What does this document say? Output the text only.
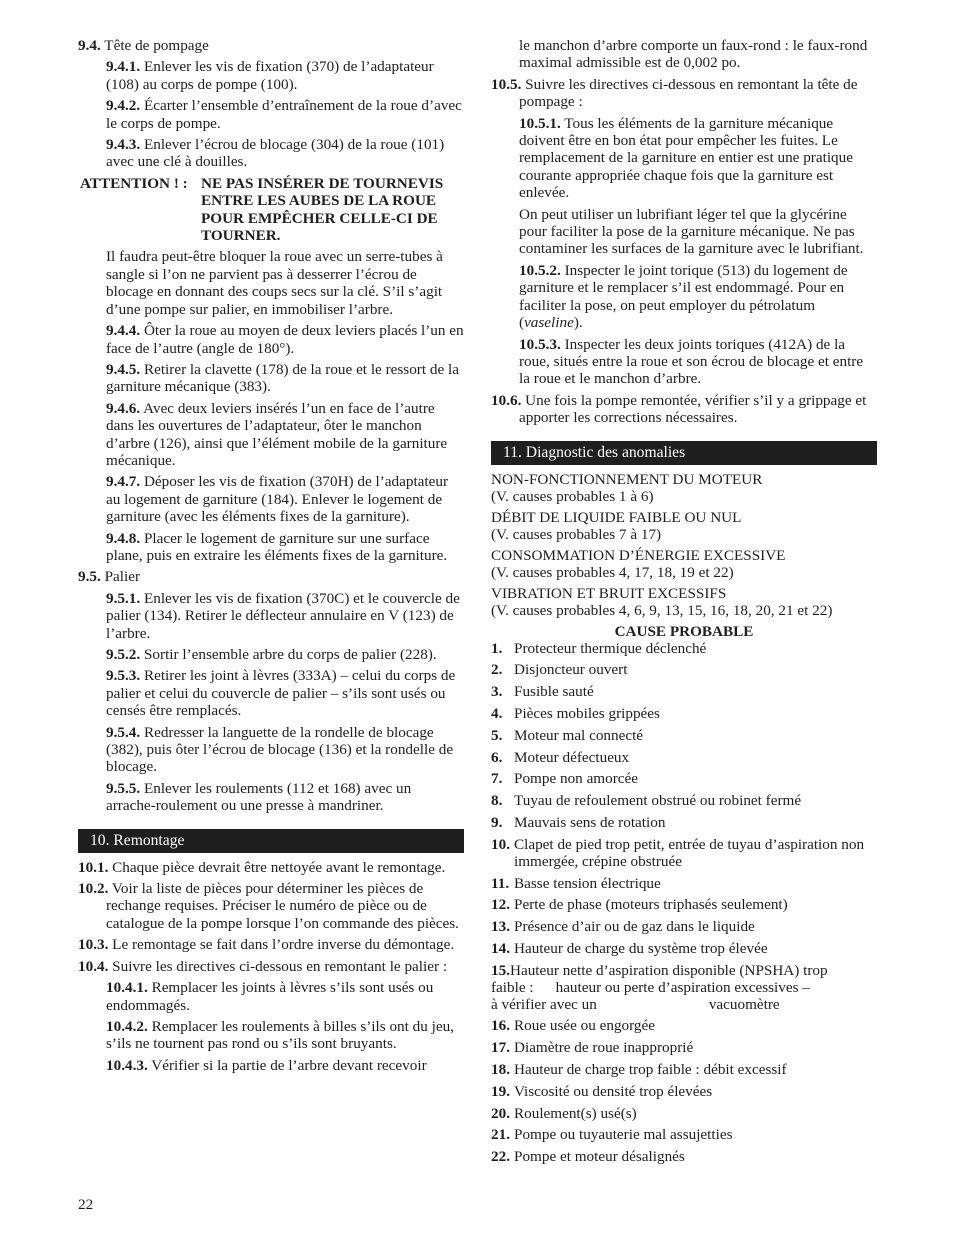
9.4. Tête de pompage

9.4.1. Enlever les vis de fixation (370) de l’adaptateur (108) au corps de pompe (100).

9.4.2. Écarter l’ensemble d’entraînement de la roue d’avec le corps de pompe.

9.4.3. Enlever l’écrou de blocage (304) de la roue (101) avec une clé à douilles.

ATTENTION ! : NE PAS INSÉRER DE TOURNEVIS ENTRE LES AUBES DE LA ROUE POUR EMPÊCHER CELLE-CI DE TOURNER.

Il faudra peut-être bloquer la roue avec un serre-tubes à sangle si l’on ne parvient pas à desserrer l’écrou de blocage en donnant des coups secs sur la clé. S’il s’agit d’une pompe sur palier, en immobiliser l’arbre.

9.4.4. Ôter la roue au moyen de deux leviers placés l’un en face de l’autre (angle de 180°).

9.4.5. Retirer la clavette (178) de la roue et le ressort de la garniture mécanique (383).

9.4.6. Avec deux leviers insérés l’un en face de l’autre dans les ouvertures de l’adaptateur, ôter le manchon d’arbre (126), ainsi que l’élément mobile de la garniture mécanique.

9.4.7. Déposer les vis de fixation (370H) de l’adaptateur au logement de garniture (184). Enlever le logement de garniture (avec les éléments fixes de la garniture).

9.4.8. Placer le logement de garniture sur une surface plane, puis en extraire les éléments fixes de la garniture.

9.5. Palier

9.5.1. Enlever les vis de fixation (370C) et le couvercle de palier (134). Retirer le déflecteur annulaire en V (123) de l’arbre.

9.5.2. Sortir l’ensemble arbre du corps de palier (228).

9.5.3. Retirer les joint à lèvres (333A) – celui du corps de palier et celui du couvercle de palier – s’ils sont usés ou censés être remplacés.

9.5.4. Redresser la languette de la rondelle de blocage (382), puis ôter l’écrou de blocage (136) et la rondelle de blocage.

9.5.5. Enlever les roulements (112 et 168) avec un arrache-roulement ou une presse à mandriner.

10. Remontage

10.1. Chaque pièce devrait être nettoyée avant le remontage.

10.2. Voir la liste de pièces pour déterminer les pièces de rechange requises. Préciser le numéro de pièce ou de catalogue de la pompe lorsque l’on commande des pièces.

10.3. Le remontage se fait dans l’ordre inverse du démontage.

10.4. Suivre les directives ci-dessous en remontant le palier :

10.4.1. Remplacer les joints à lèvres s’ils sont usés ou endommagés.

10.4.2. Remplacer les roulements à billes s’ils ont du jeu, s’ils ne tournent pas rond ou s’ils sont bruyants.

10.4.3. Vérifier si la partie de l’arbre devant recevoir

le manchon d’arbre comporte un faux-rond : le faux-rond maximal admissible est de 0,002 po.

10.5. Suivre les directives ci-dessous en remontant la tête de pompage :

10.5.1. Tous les éléments de la garniture mécanique doivent être en bon état pour empêcher les fuites. Le remplacement de la garniture en entier est une pratique courante appropriée chaque fois que la garniture est enlevée.

On peut utiliser un lubrifiant léger tel que la glycérine pour faciliter la pose de la garniture mécanique. Ne pas contaminer les surfaces de la garniture avec le lubrifiant.

10.5.2. Inspecter le joint torique (513) du logement de garniture et le remplacer s’il est endommagé. Pour en faciliter la pose, on peut employer du pétrolatum (vaseline).

10.5.3. Inspecter les deux joints toriques (412A) de la roue, situés entre la roue et son écrou de blocage et entre la roue et le manchon d’arbre.

10.6. Une fois la pompe remontée, vérifier s’il y a grippage et apporter les corrections nécessaires.

11. Diagnostic des anomalies
NON-FONCTIONNEMENT DU MOTEUR
(V. causes probables 1 à 6)
DÉBIT DE LIQUIDE FAIBLE OU NUL
(V. causes probables 7 à 17)
CONSOMMATION D’ÉNERGIE EXCESSIVE
(V. causes probables 4, 17, 18, 19 et 22)
VIBRATION ET BRUIT EXCESSIFS
(V. causes probables 4, 6, 9, 13, 15, 16, 18, 20, 21 et 22)

CAUSE PROBABLE

1. Protecteur thermique déclenché
2. Disjoncteur ouvert
3. Fusible sauté
4. Pièces mobiles grippées
5. Moteur mal connecté
6. Moteur défectueux
7. Pompe non amorcée
8. Tuyau de refoulement obstrué ou robinet fermé
9. Mauvais sens de rotation
10. Clapet de pied trop petit, entrée de tuyau d’aspiration non immergée, crépine obstruée
11. Basse tension électrique
12. Perte de phase (moteurs triphasés seulement)
13. Présence d’air ou de gaz dans le liquide
14. Hauteur de charge du système trop élevée
15.Hauteur nette d’aspiration disponible (NPSHA) trop
faible : hauteur ou perte d’aspiration excessives –
à vérifier avec un	vacuomètre
16. Roue usée ou engorgée
17. Diamètre de roue inapproprié
18. Hauteur de charge trop faible : débit excessif
19. Viscosité ou densité trop élevées
20. Roulement(s) usé(s)
21. Pompe ou tuyauterie mal assujetties
22. Pompe et moteur désalignés
22
